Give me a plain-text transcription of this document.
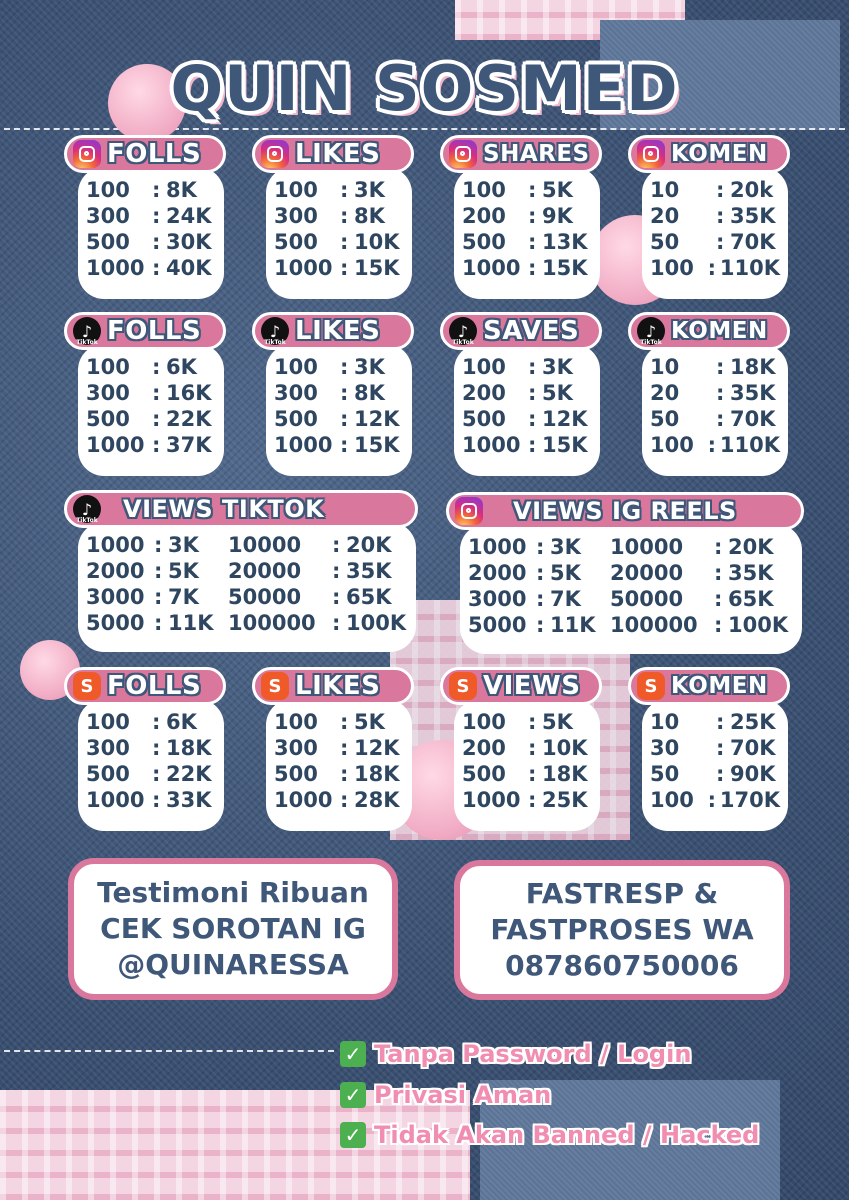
QUIN SOSMED
100	: 8K
300	: 24K
500	: 30K
1000 : 40K
FOLLS
100	: 3K
300	: 8K
500	: 10K
1000 : 15K
LIKES
100	: 5K
200	: 9K
500	: 13K
1000 : 15K
SHARES
10	: 20k
20	: 35K
50	: 70K
100 : 110K
KOMEN
100	: 6K
300	: 16K
500	: 22K
1000 : 37K
♪
TikTok FOLLS
100	: 3K
300	: 8K
500	: 12K
1000 : 15K
♪
TikTok LIKES
100	: 3K
200	: 5K
500	: 12K
1000 : 15K
♪
TikTok SAVES
10	: 18K
20	: 35K
50	: 70K
100 : 110K
♪
TikTok KOMEN
1000 : 3K	10000	: 20K
2000 : 5K	20000	: 35K
3000 : 7K	50000	: 65K
5000 : 11K 100000 : 100K
♪
TikTok VIEWS TIKTOK
1000 : 3K	10000	: 20K
2000 : 5K	20000	: 35K
3000 : 7K	50000	: 65K
5000 : 11K 100000 : 100K
VIEWS IG REELS
100	: 6K
300	: 18K
500	: 22K
1000 : 33K
S FOLLS
100	: 5K
300	: 12K
500	: 18K
1000 : 28K
S LIKES
100	: 5K
200	: 10K
500	: 18K
1000 : 25K
S VIEWS
10	: 25K
30	: 70K
50	: 90K
100 : 170K
S KOMEN
Testimoni Ribuan
CEK SOROTAN IG
@QUINARESSA
FASTRESP &
FASTPROSES WA
087860750006
✓ Tanpa Password / Login
✓ Privasi Aman
✓ Tidak Akan Banned / Hacked
